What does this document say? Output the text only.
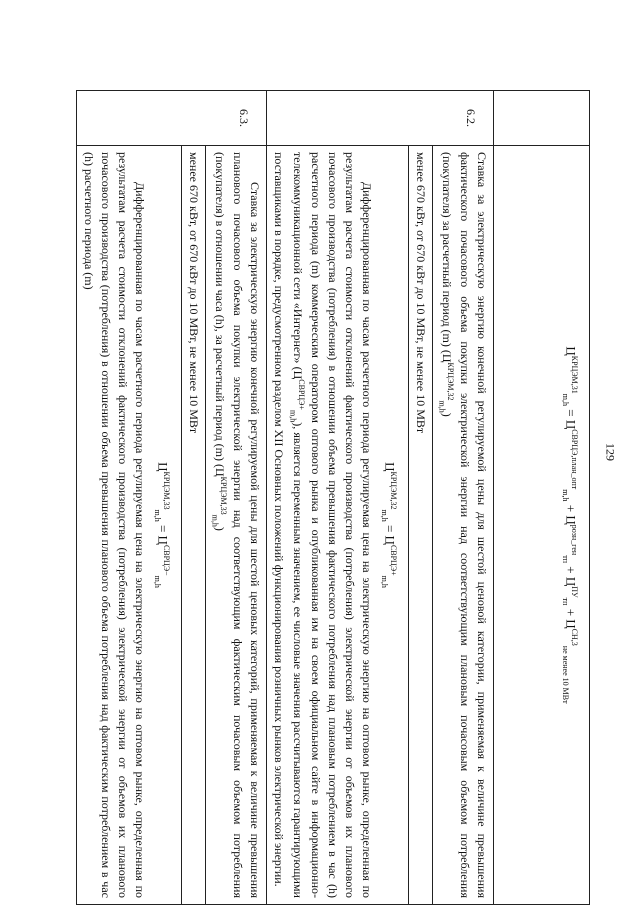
129

	$Ц^{КРЦЭМ,31}_{m,h} = Ц^{СВРЦЭ,план\_опт}_{m,h} + Ц^{розн\_ген}_{тп} + Ц^{ПУ}_{тп} + Ц^{СН,3}_{не менее 10 МВт}$

6.2.	Ставка за электрическую энергию конечной регулируемой цены для шестой ценовой категории, применяемая к величине превышения фактического почасового объема покупки электрической энергии над соответствующим плановым почасовым объемом потребления (покупателя) за расчетный период (m) $(Ц^{КРЦЭМ,32}_{m,h})$
	менее 670 кВт, от 670 кВт до 10 МВт, не менее 10 МВт

	$Ц^{КРЦЭМ,32}_{m,h} = Ц^{СВРЦЭ+}_{m,h}$
Дифференцированная по часам расчетного периода регулируемая цена на электрическую энергию на оптовом рынке, определенная по результатам расчета стоимости отклонений фактического производства (потребления) электрической энергии от объемов их планового почасового производства (потребления) в отношении объема превышения фактического потребления над плановым потреблением в час (h) расчетного периода (m) коммерческим оператором оптового рынка и опубликованная им на своем официальном сайте в информационно-телекоммуникационной сети «Интернет» $(Ц^{СВРЦЭ+}_{m,h})$, является переменным значением, ее числовые значения рассчитываются гарантирующими поставщиками в порядке, предусмотренном разделом XII Основных положений функционирования розничных рынков электрической энергии.

6.3.	Ставка за электрическую энергию конечной регулируемой цены для шестой ценовых категорий, применяемая к величине превышения планового почасового объема покупки электрической энергии над соответствующим фактическим почасовым объемом потребления (покупателя) в отношении часа (h), за расчетный период (m) $(Ц^{КРЦЭМ,33}_{m,h})$
	менее 670 кВт, от 670 кВт до 10 МВт, не менее 10 МВт

	$Ц^{КРЦЭМ,33}_{m,h} = Ц^{СВРЦЭ-}_{m,h}$
Дифференцированная по часам расчетного периода регулируемая цена на электрическую энергию на оптовом рынке, определенная по результатам расчета стоимости отклонений фактического производства (потребления) электрической энергии от объемов их планового почасового производства (потребления) в отношении объема превышения планового объема потребления над фактическим потреблением в час (h) расчетного периода (m)
